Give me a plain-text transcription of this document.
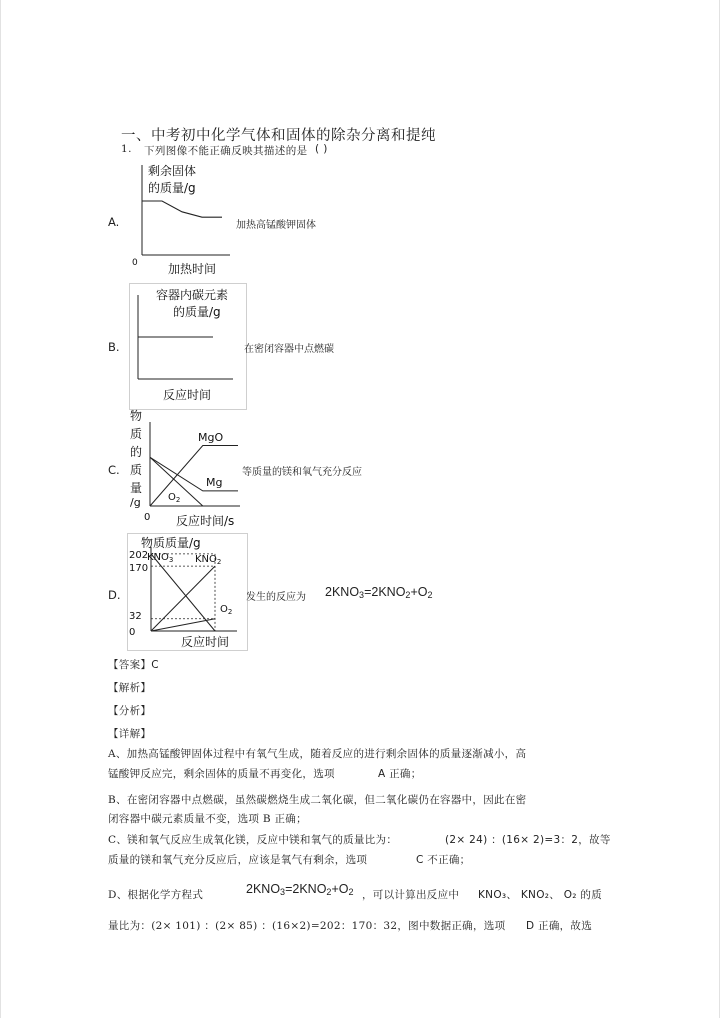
一、中考初中化学气体和固体的除杂分离和提纯
1. 下列图像不能正确反映其描述的是 ( )
A.
剩余固体
的质量/g
0	加热时间
加热高锰酸钾固体
B.
容器内碳元素
的质量/g
反应时间
在密闭容器中点燃碳
C.
物
质
的
质
量
/g
MgO
Mg
$O_2$
0 反应时间/s
等质量的镁和氧气充分反应
D.
物质质量/g
202
170
32
0
$KNO_3$ $KNO_2$
$O_2$
反应时间
发生的反应为 $2KNO_3=2KNO_2+O_2$
【答案】C
【解析】
【分析】
【详解】
A、加热高锰酸钾固体过程中有氧气生成，随着反应的进行剩余固体的质量逐渐减小，高
锰酸钾反应完，剩余固体的质量不再变化，选项	A 正确；
B、在密闭容器中点燃碳，虽然碳燃烧生成二氧化碳，但二氧化碳仍在容器中，因此在密
闭容器中碳元素质量不变，选项 B 正确；
C、镁和氧气反应生成氧化镁，反应中镁和氧气的质量比为：	(2× 24) ：(16× 2)=3：2，故等
质量的镁和氧气充分反应后，应该是氧气有剩余，选项	C 不正确；
D、根据化学方程式	$2KNO_3=2KNO_2+O_2$ ，可以计算出反应中 KNO₃、 KNO₂、 O₂ 的质
量比为：(2× 101) ：(2× 85) ：(16×2)=202：170：32，图中数据正确，选项 D 正确，故选
